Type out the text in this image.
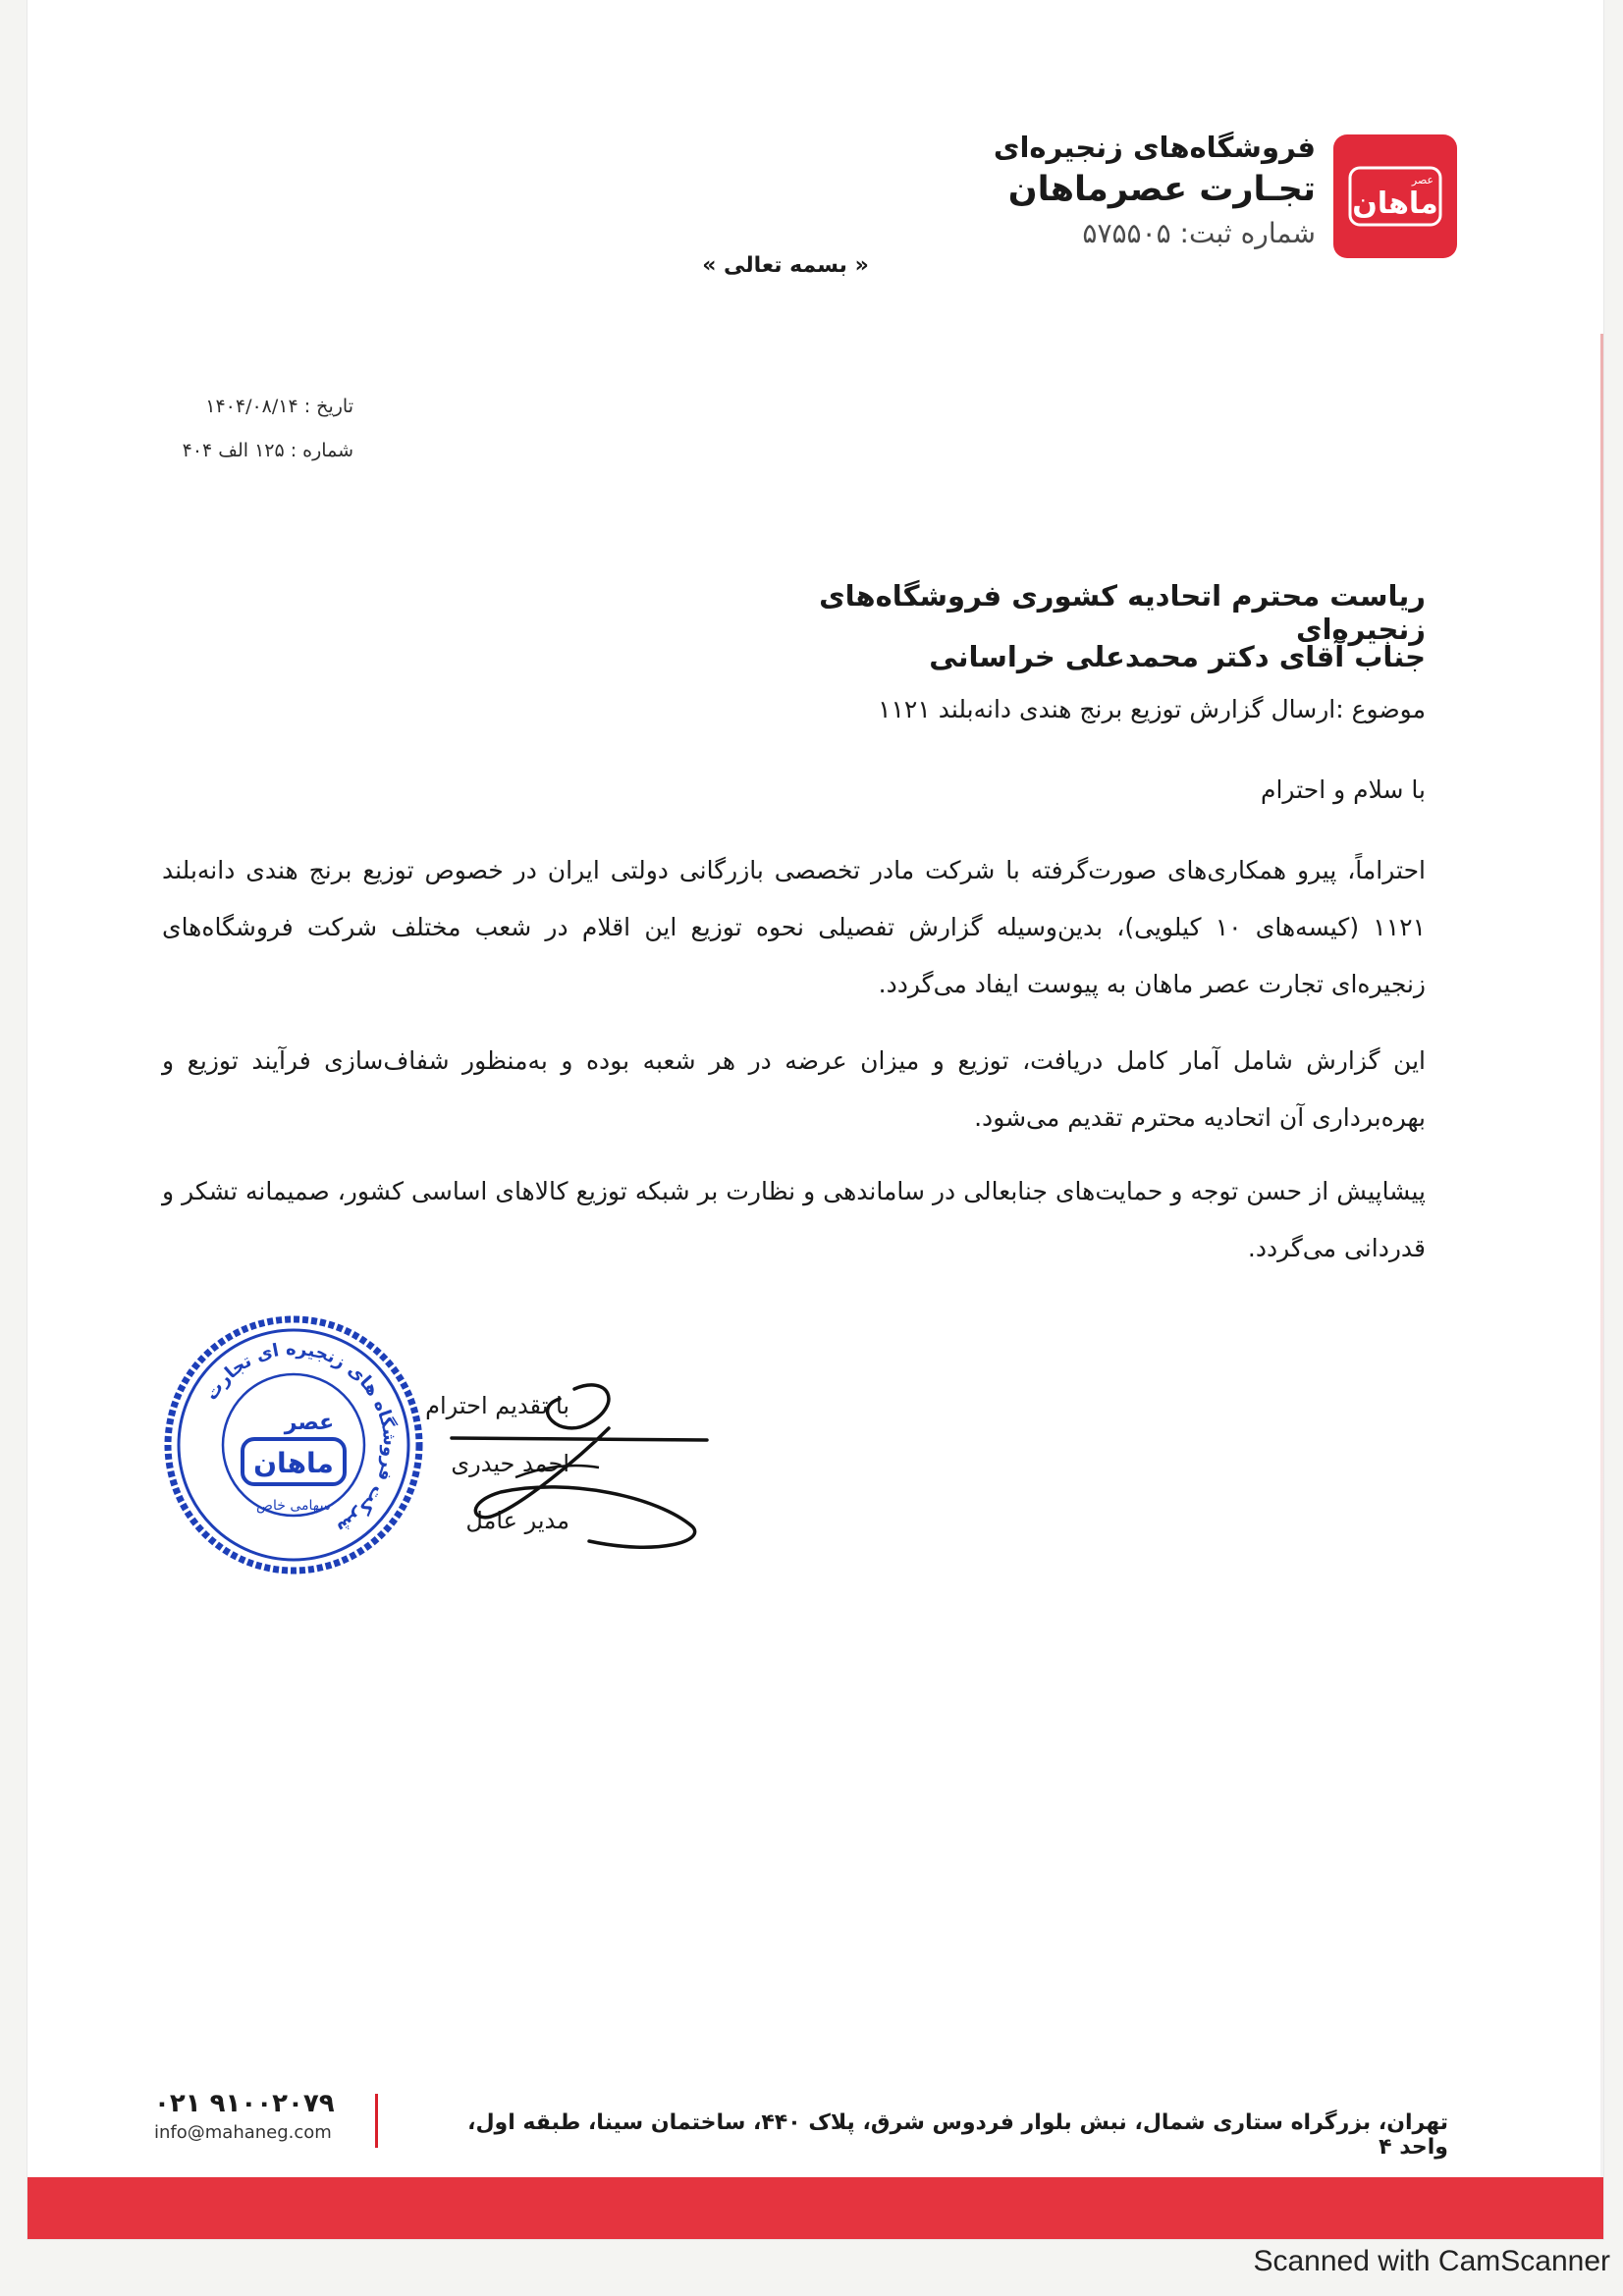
عصر
ماهان
فروشگاه‌های زنجیره‌ای
تجـارت عصرماهان
شماره ثبت: ۵۷۵۵۰۵
« بسمه تعالی »
تاریخ : ۱۴۰۴/۰۸/۱۴
شماره : ۱۲۵ الف ۴۰۴
ریاست محترم اتحادیه کشوری فروشگاه‌های زنجیره‌ای
جناب آقای دکتر محمدعلی خراسانی
موضوع :ارسال گزارش توزیع برنج هندی دانه‌بلند ۱۱۲۱
با سلام و احترام
احتراماً، پیرو همکاری‌های صورت‌گرفته با شرکت مادر تخصصی بازرگانی دولتی ایران در خصوص توزیع برنج هندی دانه‌بلند ۱۱۲۱ (کیسه‌های ۱۰ کیلویی)، بدین‌وسیله گزارش تفصیلی نحوه توزیع این اقلام در شعب مختلف شرکت فروشگاه‌های زنجیره‌ای تجارت عصر ماهان به پیوست ایفاد می‌گردد.
این گزارش شامل آمار کامل دریافت، توزیع و میزان عرضه در هر شعبه بوده و به‌منظور شفاف‌سازی فرآیند توزیع و بهره‌برداری آن اتحادیه محترم تقدیم می‌شود.
پیشاپیش از حسن توجه و حمایت‌های جنابعالی در ساماندهی و نظارت بر شبکه توزیع کالاهای اساسی کشور، صمیمانه تشکر و قدردانی می‌گردد.
با تقدیم احترام
احمد حیدری
مدیر عامل
شرکت فروشگاه های زنجیره ای تجارت
عصر
ماهان
سهامی خاص
تهران، بزرگراه ستاری شمال، نبش بلوار فردوس شرق، پلاک ۴۴۰، ساختمان سینا، طبقه اول، واحد ۴
۰۲۱ ۹۱۰۰۲۰۷۹
info@mahaneg.com
Scanned with CamScanner
